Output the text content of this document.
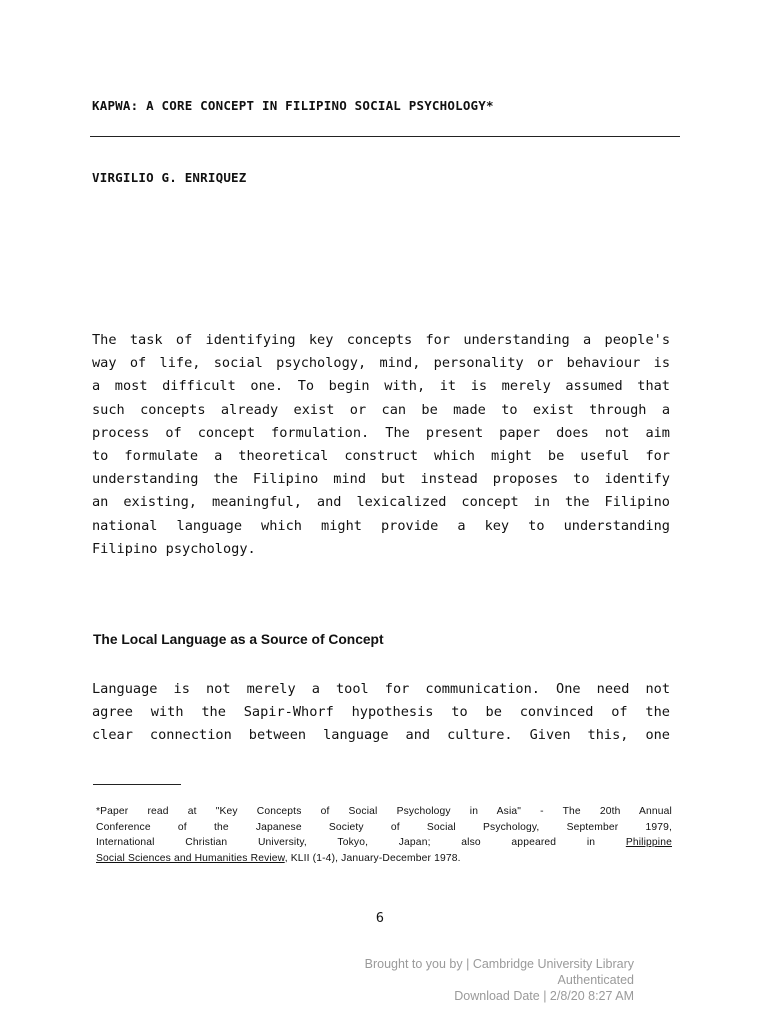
KAPWA: A CORE CONCEPT IN FILIPINO SOCIAL PSYCHOLOGY*

VIRGILIO G. ENRIQUEZ

The task of identifying key concepts for understanding a people's
way of life, social psychology, mind, personality or behaviour is
a most difficult one. To begin with, it is merely assumed that
such concepts already exist or can be made to exist through a
process of concept formulation. The present paper does not aim
to formulate a theoretical construct which might be useful for
understanding the Filipino mind but instead proposes to identify
an existing, meaningful, and lexicalized concept in the Filipino
national language which might provide a key to understanding
Filipino psychology.

The Local Language as a Source of Concept

Language is not merely a tool for communication. One need not
agree with the Sapir-Whorf hypothesis to be convinced of the
clear connection between language and culture. Given this, one

*Paper read at "Key Concepts of Social Psychology in Asia" - The 20th Annual
Conference of the Japanese Society of Social Psychology, September 1979,
International Christian University, Tokyo, Japan; also appeared in Philippine
Social Sciences and Humanities Review, KLII (1-4), January-December 1978.

6

Brought to you by | Cambridge University Library
Authenticated
Download Date | 2/8/20 8:27 AM
